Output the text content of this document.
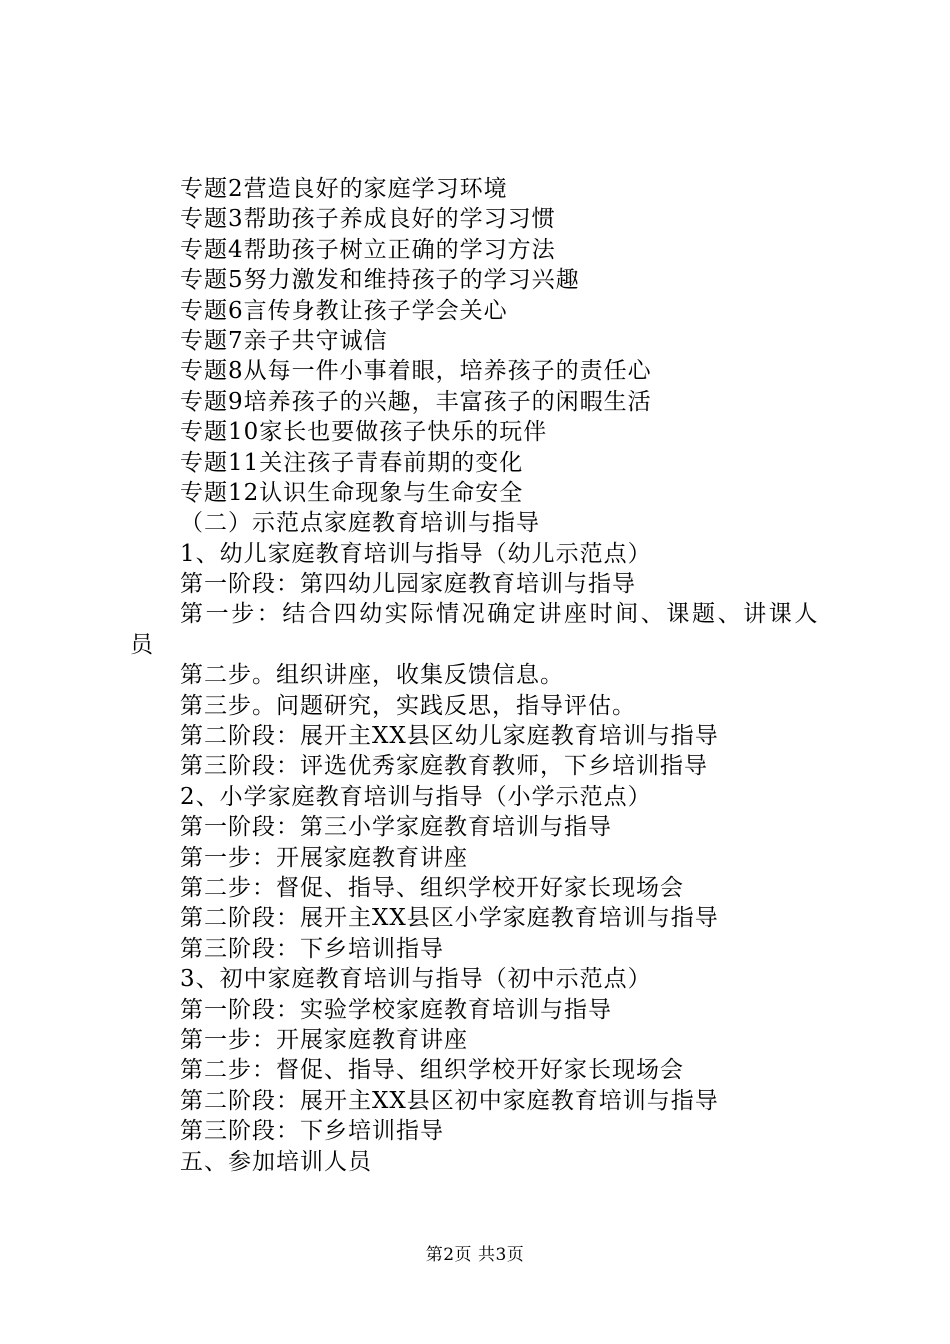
专题2营造良好的家庭学习环境
专题3帮助孩子养成良好的学习习惯
专题4帮助孩子树立正确的学习方法
专题5努力激发和维持孩子的学习兴趣
专题6言传身教让孩子学会关心
专题7亲子共守诚信
专题8从每一件小事着眼，培养孩子的责任心
专题9培养孩子的兴趣，丰富孩子的闲暇生活
专题10家长也要做孩子快乐的玩伴
专题11关注孩子青春前期的变化
专题12认识生命现象与生命安全
（二）示范点家庭教育培训与指导
1、幼儿家庭教育培训与指导（幼儿示范点）
第一阶段：第四幼儿园家庭教育培训与指导
第一步：结合四幼实际情况确定讲座时间、课题、讲课人
员
第二步。组织讲座，收集反馈信息。
第三步。问题研究，实践反思，指导评估。
第二阶段：展开主XX县区幼儿家庭教育培训与指导
第三阶段：评选优秀家庭教育教师，下乡培训指导
2、小学家庭教育培训与指导（小学示范点）
第一阶段：第三小学家庭教育培训与指导
第一步：开展家庭教育讲座
第二步：督促、指导、组织学校开好家长现场会
第二阶段：展开主XX县区小学家庭教育培训与指导
第三阶段：下乡培训指导
3、初中家庭教育培训与指导（初中示范点）
第一阶段：实验学校家庭教育培训与指导
第一步：开展家庭教育讲座
第二步：督促、指导、组织学校开好家长现场会
第二阶段：展开主XX县区初中家庭教育培训与指导
第三阶段：下乡培训指导
五、参加培训人员
第2页 共3页
